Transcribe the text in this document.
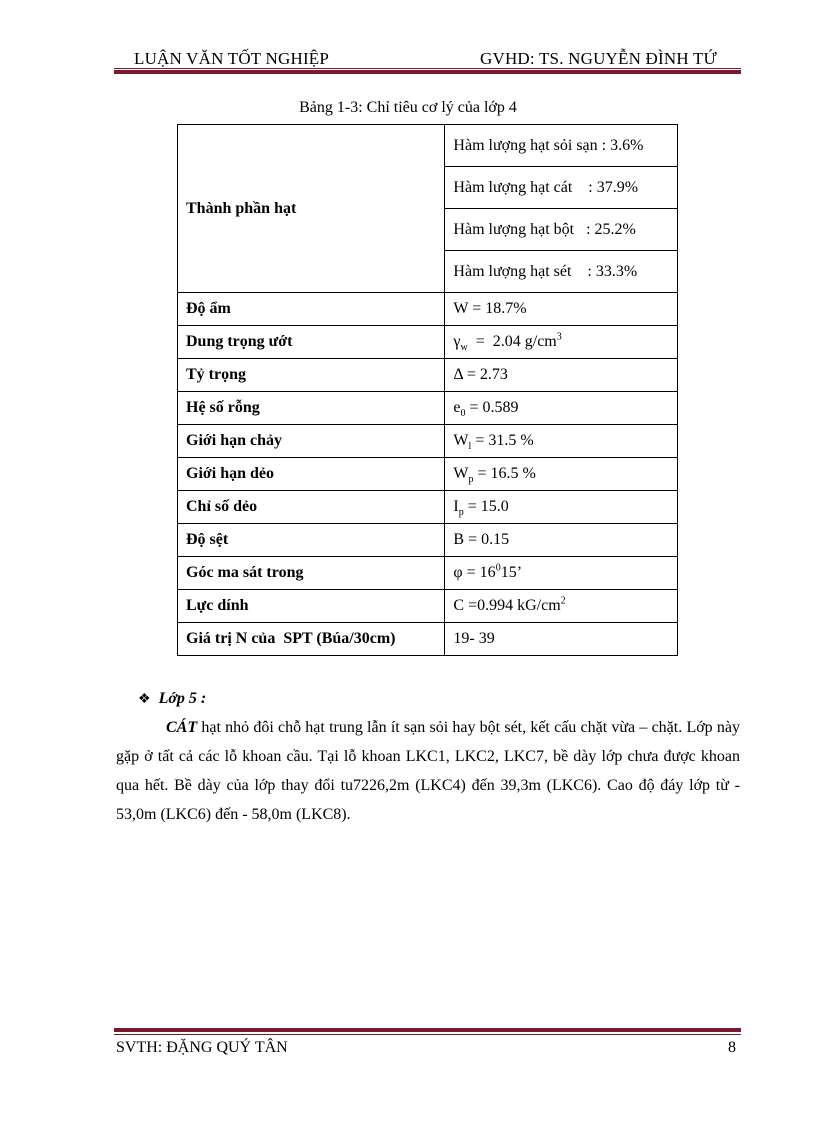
LUẬN VĂN TỐT NGHIỆP	GVHD: TS. NGUYỄN ĐÌNH TỨ
Bảng 1-3: Chỉ tiêu cơ lý của lớp 4
Thành phần hạt	Hàm lượng hạt sỏi sạn : 3.6%
	Hàm lượng hạt cát    : 37.9%
	Hàm lượng hạt bột   : 25.2%
	Hàm lượng hạt sét    : 33.3%
Độ ẩm	W = 18.7%
Dung trọng ướt	$\gamma_w = 2.04$ $g/cm^3$
Tỷ trọng	Δ = 2.73
Hệ số rỗng	$e_0 = 0.589$
Giới hạn chảy	$W_l = 31.5$ %
Giới hạn dẻo	$W_p = 16.5$ %
Chỉ số dẻo	$I_p = 15.0$
Độ sệt	B = 0.15
Góc ma sát trong	$\varphi = 16^015$’
Lực dính	C =0.994 $kG/cm^2$
Giá trị N của  SPT (Búa/30cm)	19- 39
❖ Lớp 5 :
CÁT hạt nhỏ đôi chỗ hạt trung lẫn ít sạn sỏi hay bột sét, kết cấu chặt vừa – chặt. Lớp này gặp ở tất cả các lỗ khoan cầu. Tại lỗ khoan LKC1, LKC2, LKC7, bề dày lớp chưa được khoan qua hết. Bề dày của lớp thay đổi tu7226,2m (LKC4) đến 39,3m (LKC6). Cao độ đáy lớp từ - 53,0m (LKC6) đến - 58,0m (LKC8).
SVTH: ĐẶNG QUÝ TÂN	8
